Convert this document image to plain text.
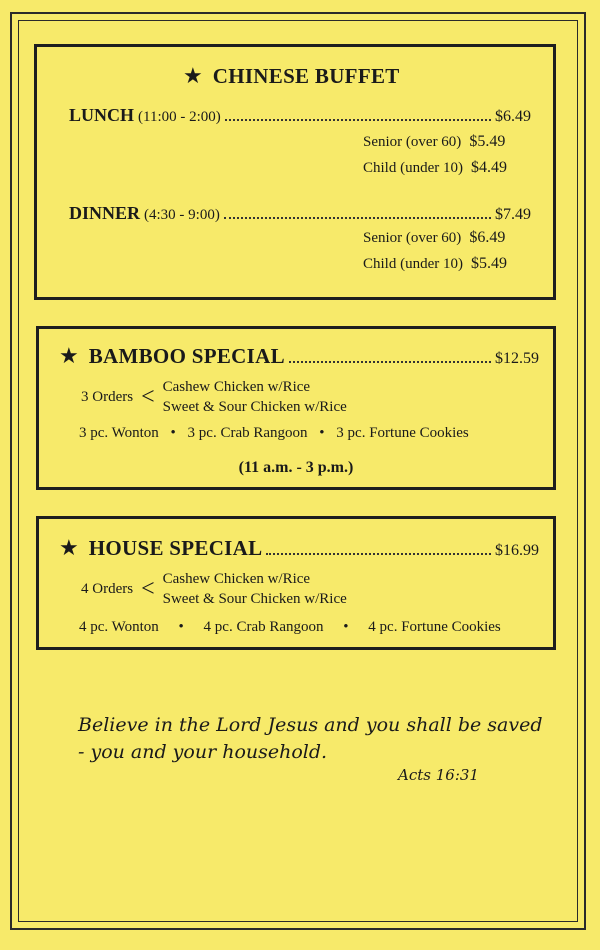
★ CHINESE BUFFET
LUNCH (11:00 - 2:00)	$6.49
Senior (over 60) $5.49
Child (under 10) $4.49
DINNER (4:30 - 9:00)	$7.49
Senior (over 60) $6.49
Child (under 10) $5.49
★ BAMBOO SPECIAL	$12.59
3 Orders < Cashew Chicken w/Rice
Sweet & Sour Chicken w/Rice
3 pc. Wonton • 3 pc. Crab Rangoon • 3 pc. Fortune Cookies
(11 a.m. - 3 p.m.)
★ HOUSE SPECIAL	$16.99
4 Orders < Cashew Chicken w/Rice
Sweet & Sour Chicken w/Rice
4 pc. Wonton • 4 pc. Crab Rangoon • 4 pc. Fortune Cookies
Believe in the Lord Jesus and you shall be saved
- you and your household.
Acts 16:31
